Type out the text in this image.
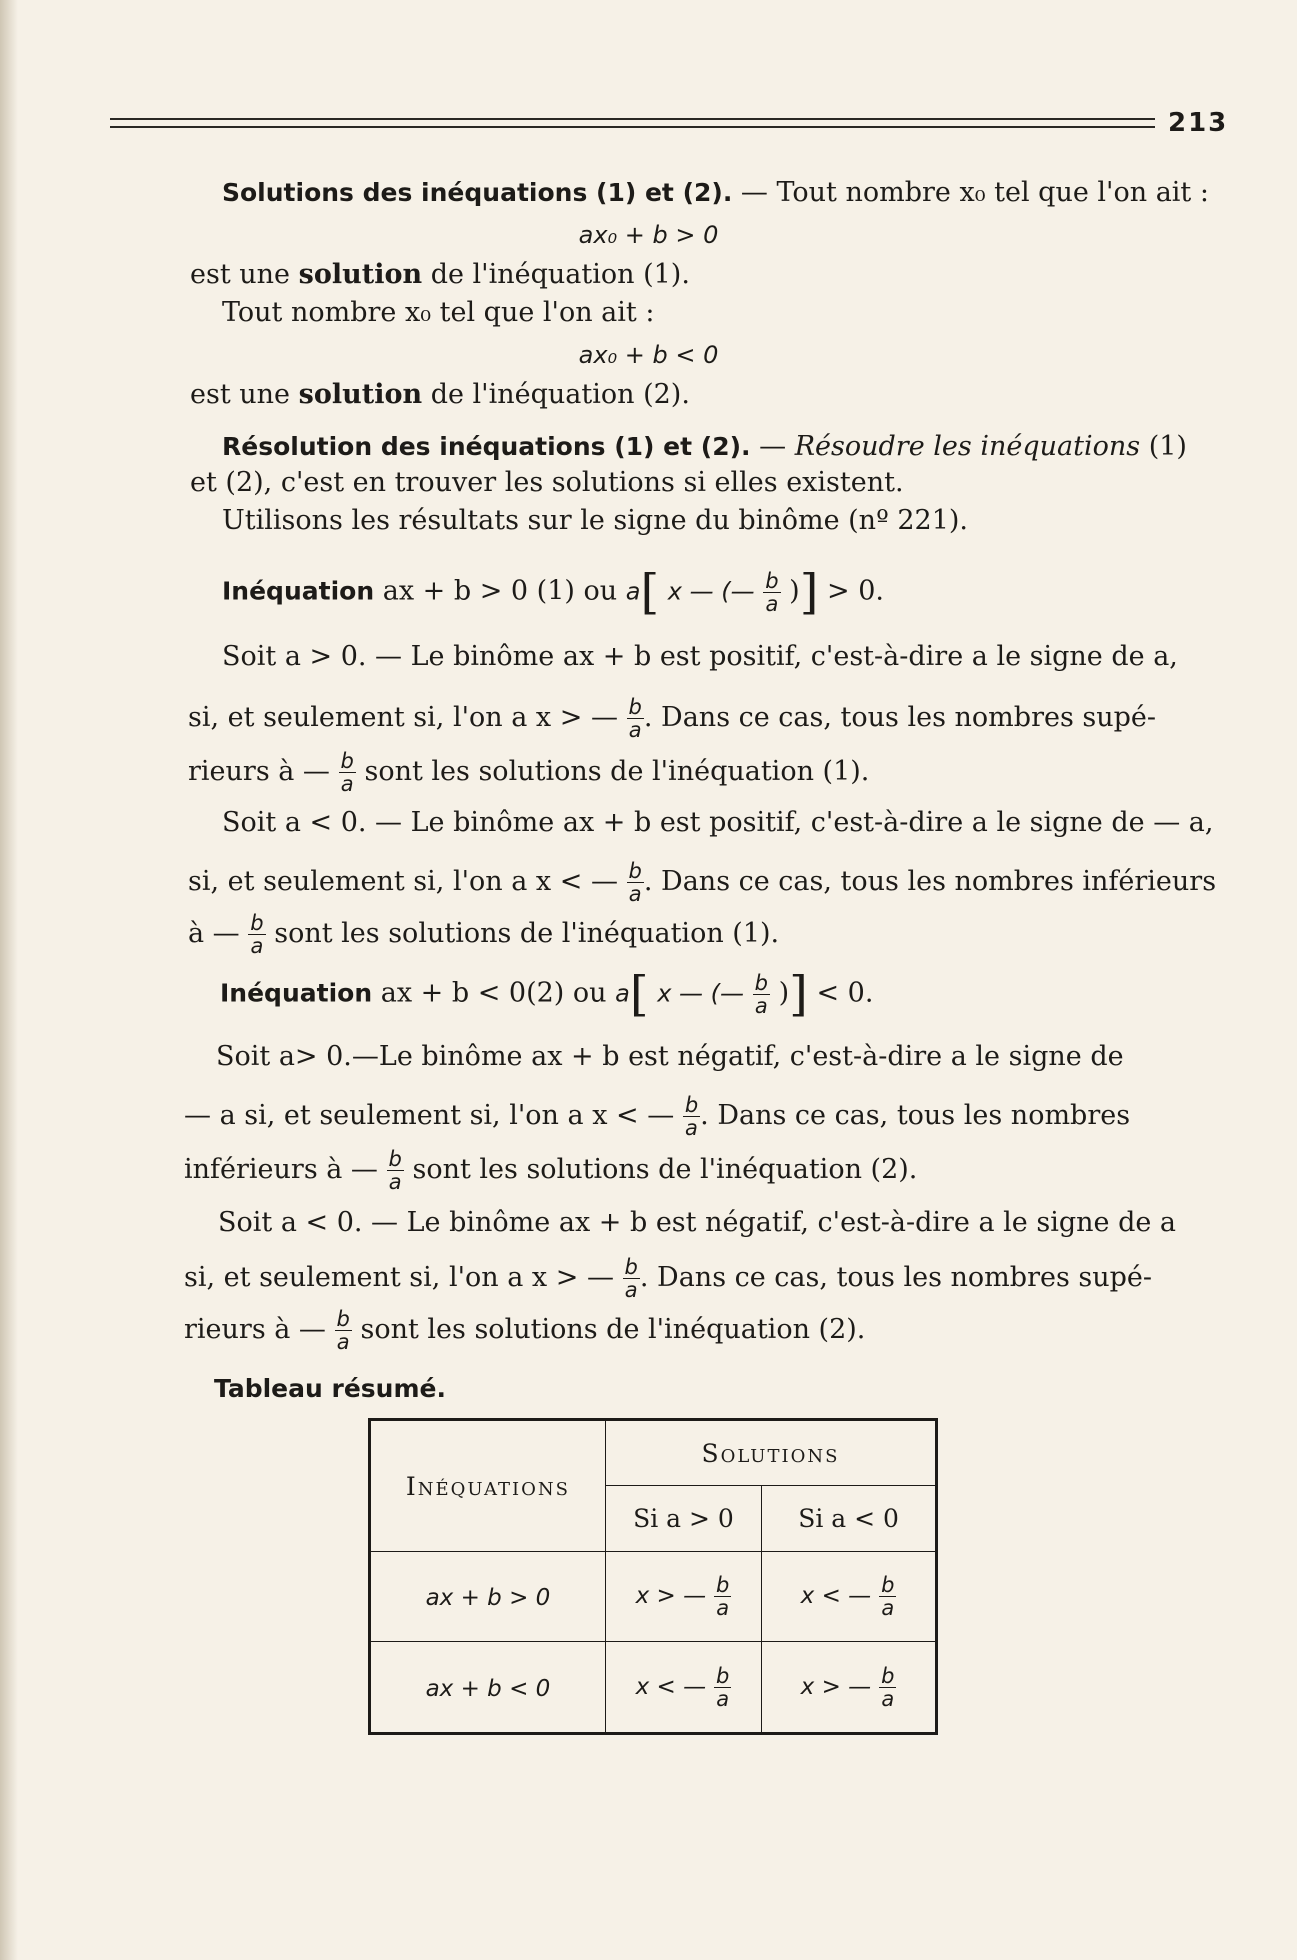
213
Solutions des inéquations (1) et (2). — Tout nombre x₀ tel que l'on ait :
ax₀ + b > 0
est une solution de l'inéquation (1).
Tout nombre x₀ tel que l'on ait :
ax₀ + b < 0
est une solution de l'inéquation (2).
Résolution des inéquations (1) et (2). — Résoudre les inéquations (1)
et (2), c'est en trouver les solutions si elles existent.
Utilisons les résultats sur le signe du binôme (nº 221).
Inéquation ax + b > 0 (1) ou a[ x — (— $\frac{b}{a}$ )] > 0.
Soit a > 0. — Le binôme ax + b est positif, c'est-à-dire a le signe de a,
si, et seulement si, l'on a x > — $\frac{b}{a}$ . Dans ce cas, tous les nombres supé-
rieurs à — $\frac{b}{a}$ sont les solutions de l'inéquation (1).
Soit a < 0. — Le binôme ax + b est positif, c'est-à-dire a le signe de — a,
si, et seulement si, l'on a x < — $\frac{b}{a}$ . Dans ce cas, tous les nombres inférieurs
à — $\frac{b}{a}$ sont les solutions de l'inéquation (1).
Inéquation ax + b < 0(2) ou a[ x — (— $\frac{b}{a}$ )] < 0.
Soit a> 0.—Le binôme ax + b est négatif, c'est-à-dire a le signe de
— a si, et seulement si, l'on a x < — $\frac{b}{a}$ . Dans ce cas, tous les nombres
inférieurs à — $\frac{b}{a}$ sont les solutions de l'inéquation (2).
Soit a < 0. — Le binôme ax + b est négatif, c'est-à-dire a le signe de a
si, et seulement si, l'on a x > — $\frac{b}{a}$ . Dans ce cas, tous les nombres supé-
rieurs à — $\frac{b}{a}$ sont les solutions de l'inéquation (2).
Tableau résumé.
Inéquations	Solutions	
	Si a > 0	Si a < 0
ax + b > 0	x > — $\frac{b}{a}$	x < — $\frac{b}{a}$

ax + b < 0	x < — $\frac{b}{a}$	x > — $\frac{b}{a}$
